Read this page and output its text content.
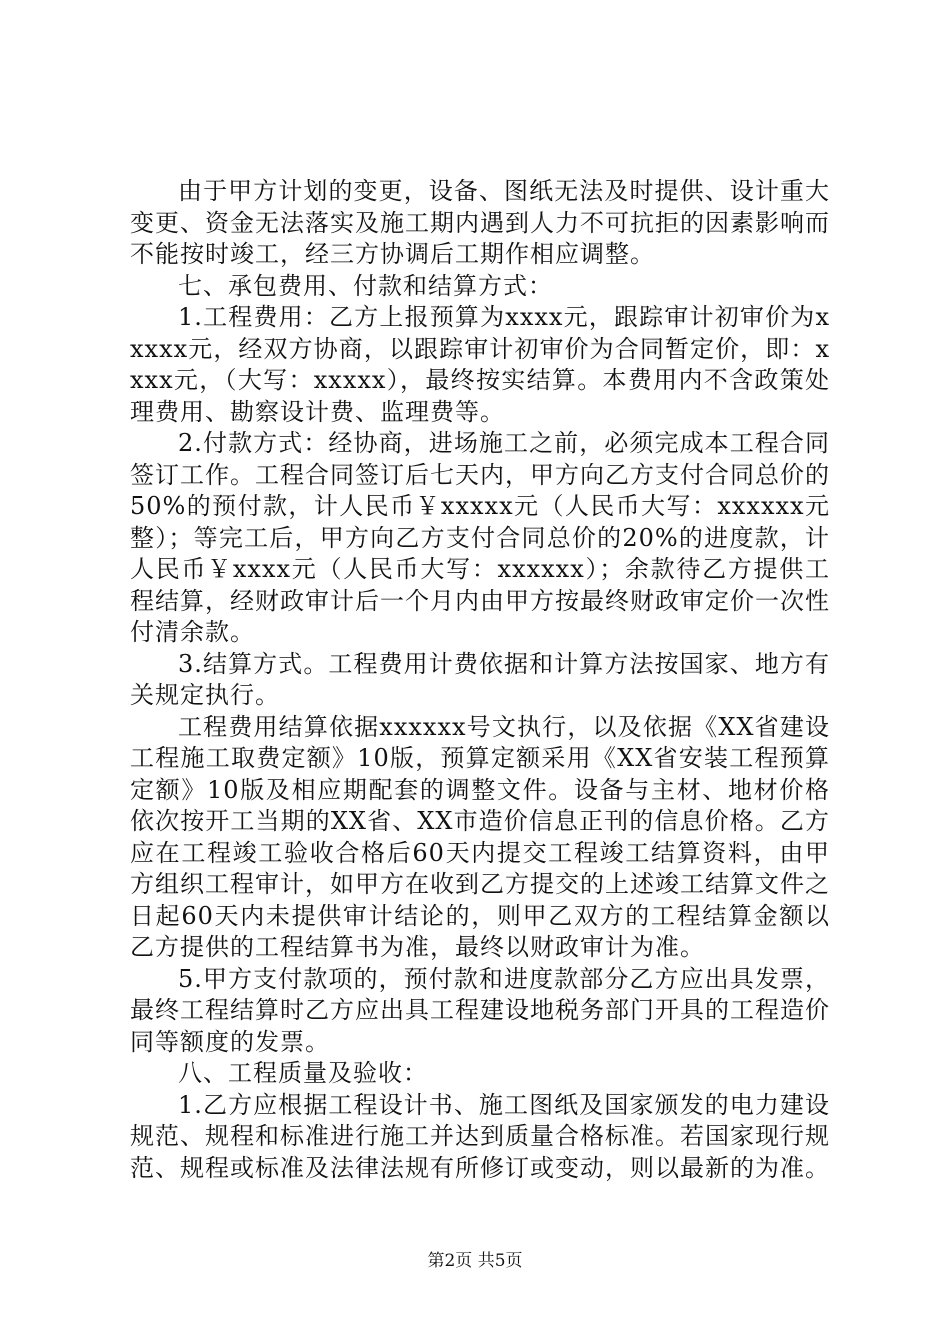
由于甲方计划的变更，设备、图纸无法及时提供、设计重大变更、资金无法落实及施工期内遇到人力不可抗拒的因素影响而不能按时竣工，经三方协调后工期作相应调整。

七、承包费用、付款和结算方式：

1.工程费用：乙方上报预算为xxxx元，跟踪审计初审价为xxxxx元，经双方协商，以跟踪审计初审价为合同暂定价，即：xxxx元，（大写：xxxxx），最终按实结算。本费用内不含政策处理费用、勘察设计费、监理费等。

2.付款方式：经协商，进场施工之前，必须完成本工程合同签订工作。工程合同签订后七天内，甲方向乙方支付合同总价的50%的预付款，计人民币￥xxxxx元（人民币大写：xxxxxx元整）；等完工后，甲方向乙方支付合同总价的20%的进度款，计人民币￥xxxx元（人民币大写：xxxxxx）；余款待乙方提供工程结算，经财政审计后一个月内由甲方按最终财政审定价一次性付清余款。

3.结算方式。工程费用计费依据和计算方法按国家、地方有关规定执行。

工程费用结算依据xxxxxx号文执行，以及依据《XX省建设工程施工取费定额》10版，预算定额采用《XX省安装工程预算定额》10版及相应期配套的调整文件。设备与主材、地材价格依次按开工当期的XX省、XX市造价信息正刊的信息价格。乙方应在工程竣工验收合格后60天内提交工程竣工结算资料，由甲方组织工程审计，如甲方在收到乙方提交的上述竣工结算文件之日起60天内未提供审计结论的，则甲乙双方的工程结算金额以乙方提供的工程结算书为准，最终以财政审计为准。

5.甲方支付款项的，预付款和进度款部分乙方应出具发票，最终工程结算时乙方应出具工程建设地税务部门开具的工程造价同等额度的发票。

八、工程质量及验收：

1.乙方应根据工程设计书、施工图纸及国家颁发的电力建设规范、规程和标准进行施工并达到质量合格标准。若国家现行规范、规程或标准及法律法规有所修订或变动，则以最新的为准。

第2页 共5页
